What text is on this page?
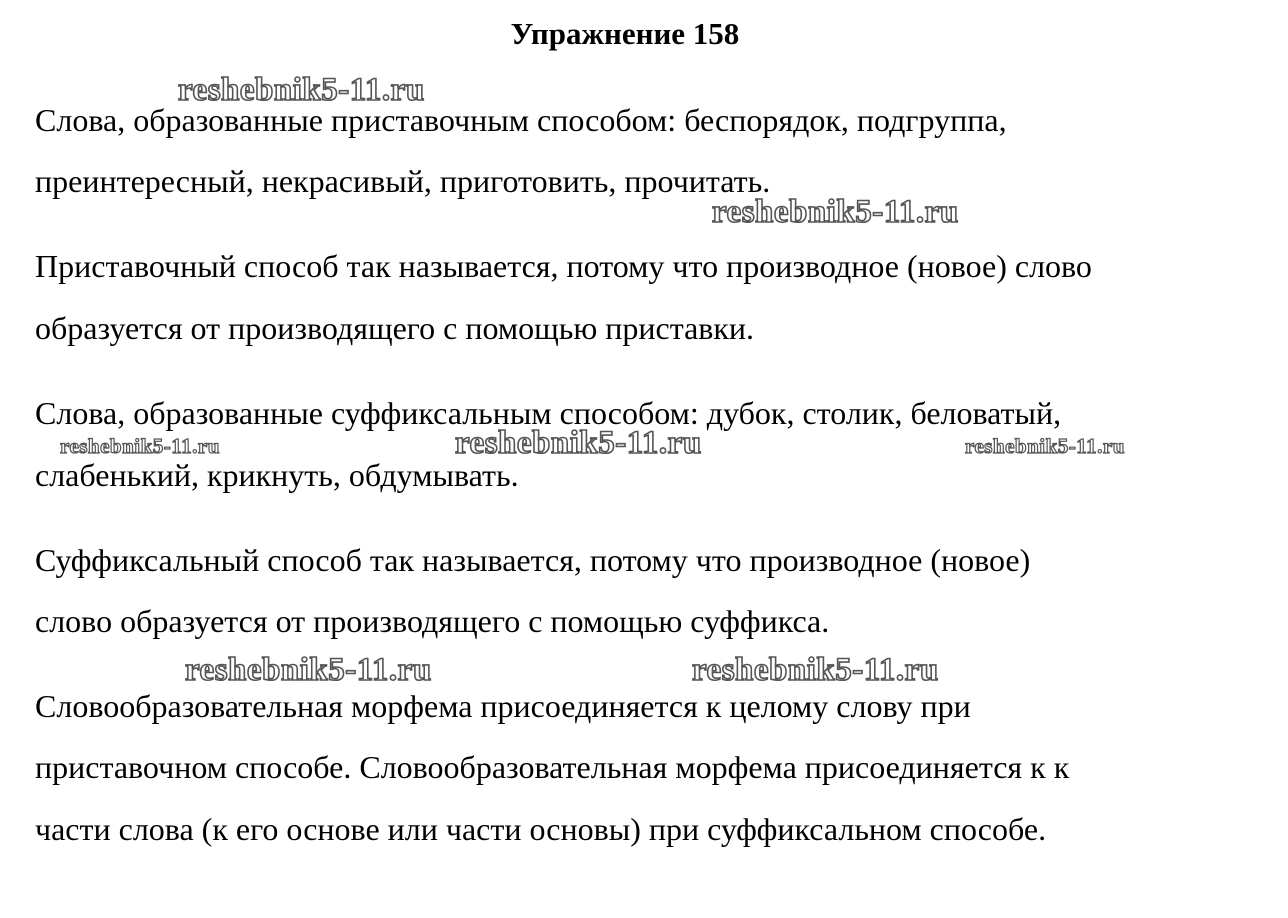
Упражнение 158
Слова, образованные приставочным способом: беспорядок, подгруппа,
преинтересный, некрасивый, приготовить, прочитать.
Приставочный способ так называется, потому что производное (новое) слово
образуется от производящего с помощью приставки.
Слова, образованные суффиксальным способом: дубок, столик, беловатый,
слабенький, крикнуть, обдумывать.
Суффиксальный способ так называется, потому что производное (новое)
слово образуется от производящего с помощью суффикса.
Словообразовательная морфема присоединяется к целому слову при
приставочном способе. Словообразовательная морфема присоединяется к к
части слова (к его основе или части основы) при суффиксальном способе.
reshebnik5-11.ru
reshebnik5-11.ru
reshebnik5-11.ru	reshebnik5-11.ru	reshebnik5-11.ru
reshebnik5-11.ru	reshebnik5-11.ru
